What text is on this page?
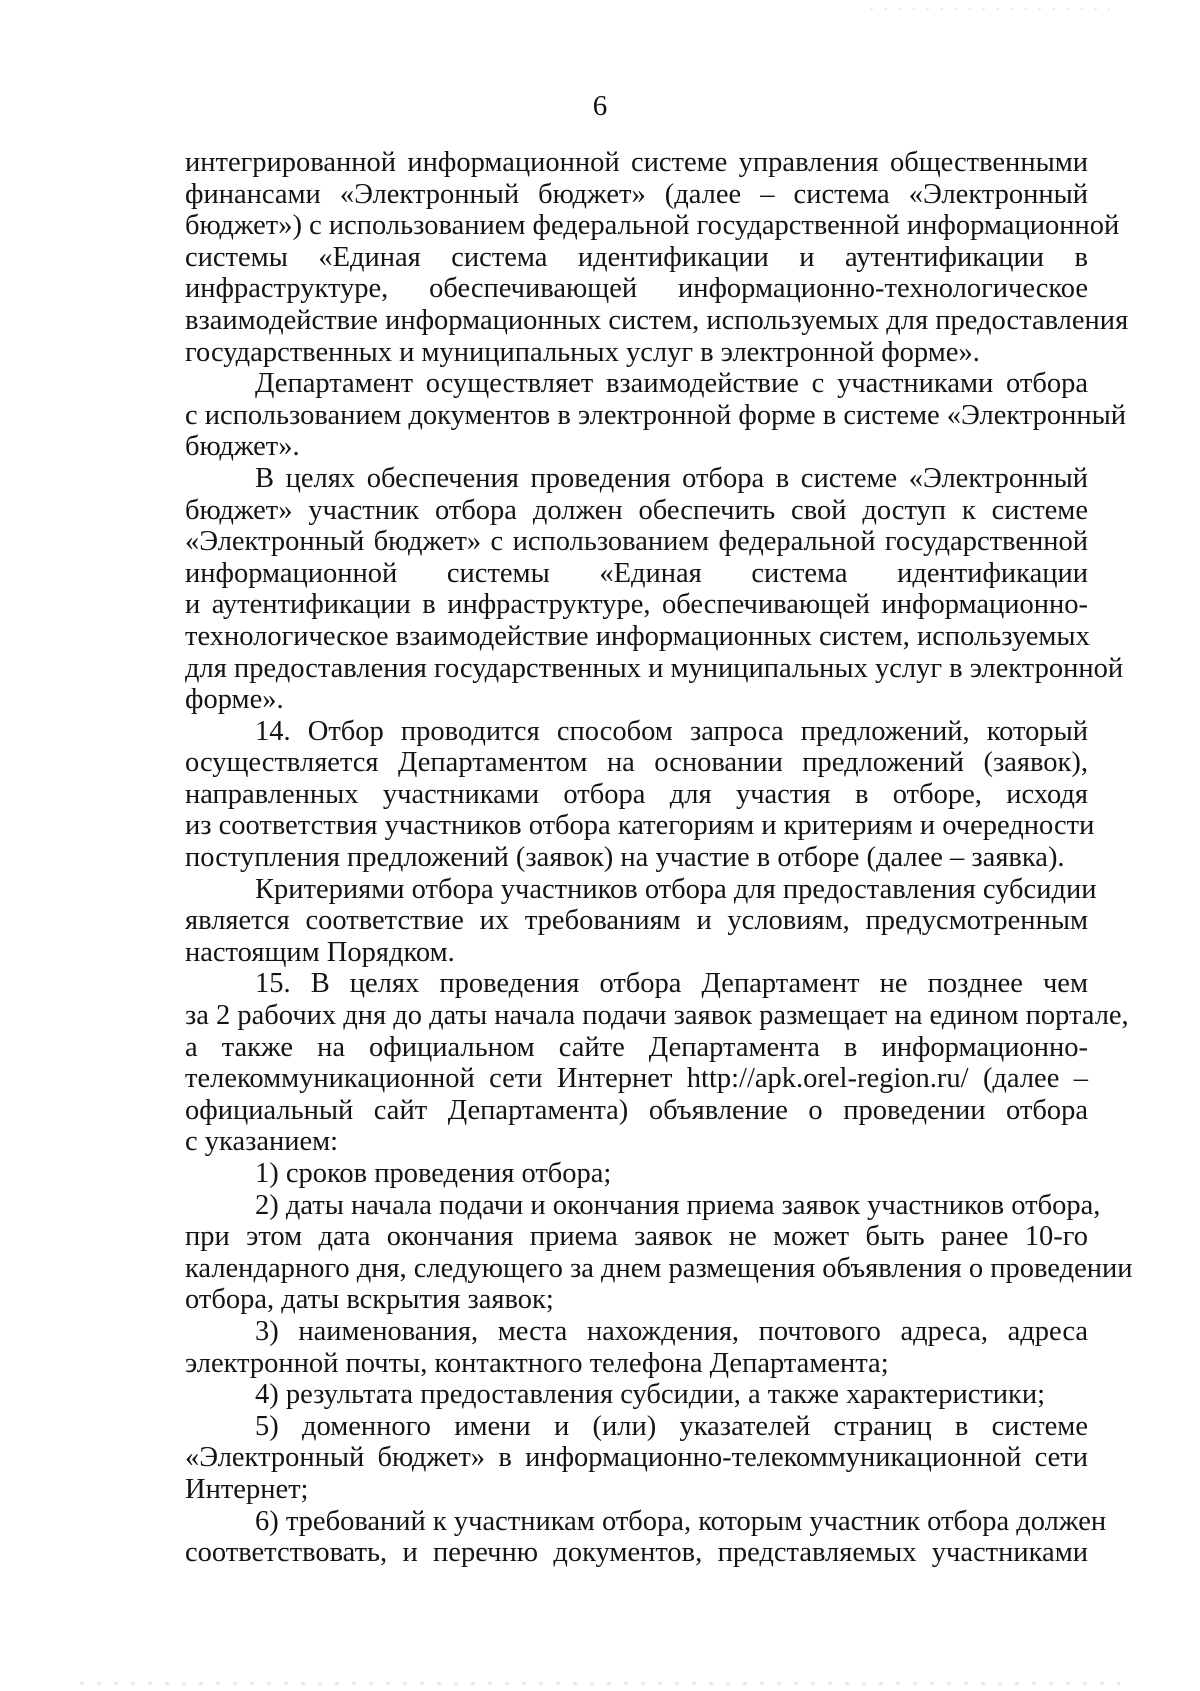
6
интегрированной информационной системе управления общественными
финансами «Электронный бюджет» (далее – система «Электронный
бюджет») с использованием федеральной государственной информационной
системы «Единая система идентификации и аутентификации в
инфраструктуре, обеспечивающей информационно-технологическое
взаимодействие информационных систем, используемых для предоставления
государственных и муниципальных услуг в электронной форме».
Департамент осуществляет взаимодействие с участниками отбора
с использованием документов в электронной форме в системе «Электронный
бюджет».
В целях обеспечения проведения отбора в системе «Электронный
бюджет» участник отбора должен обеспечить свой доступ к системе
«Электронный бюджет» с использованием федеральной государственной
информационной системы «Единая система идентификации
и аутентификации в инфраструктуре, обеспечивающей информационно-
технологическое взаимодействие информационных систем, используемых
для предоставления государственных и муниципальных услуг в электронной
форме».
14. Отбор проводится способом запроса предложений, который
осуществляется Департаментом на основании предложений (заявок),
направленных участниками отбора для участия в отборе, исходя
из соответствия участников отбора категориям и критериям и очередности
поступления предложений (заявок) на участие в отборе (далее – заявка).
Критериями отбора участников отбора для предоставления субсидии
является соответствие их требованиям и условиям, предусмотренным
настоящим Порядком.
15. В целях проведения отбора Департамент не позднее чем
за 2 рабочих дня до даты начала подачи заявок размещает на едином портале,
а также на официальном сайте Департамента в информационно-
телекоммуникационной сети Интернет http://apk.orel-region.ru/ (далее –
официальный сайт Департамента) объявление о проведении отбора
с указанием:
1) сроков проведения отбора;
2) даты начала подачи и окончания приема заявок участников отбора,
при этом дата окончания приема заявок не может быть ранее 10-го
календарного дня, следующего за днем размещения объявления о проведении
отбора, даты вскрытия заявок;
3) наименования, места нахождения, почтового адреса, адреса
электронной почты, контактного телефона Департамента;
4) результата предоставления субсидии, а также характеристики;
5) доменного имени и (или) указателей страниц в системе
«Электронный бюджет» в информационно-телекоммуникационной сети
Интернет;
6) требований к участникам отбора, которым участник отбора должен
соответствовать, и перечню документов, представляемых участниками
